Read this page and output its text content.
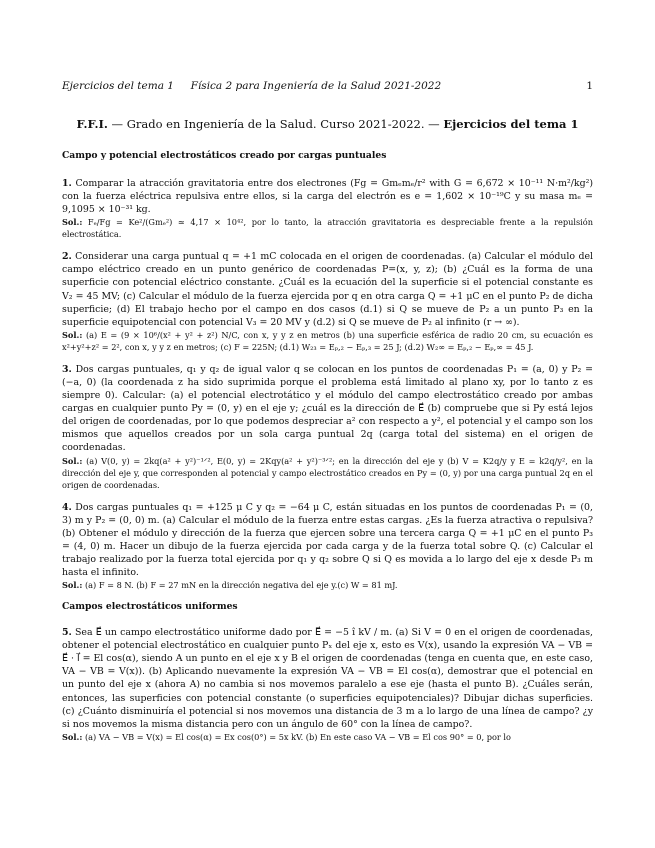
Ejercicios del tema 1     Física 2 para Ingeniería de la Salud 2021-2022	1
F.F.I. — Grado en Ingeniería de la Salud. Curso 2021-2022. — Ejercicios del tema 1
Campo y potencial electrostáticos creado por cargas puntuales
1. Comparar la atracción gravitatoria entre dos electrones (Fg = Gmₑmₑ/r² with G = 6,672 × 10⁻¹¹ N·m²/kg²) con la fuerza eléctrica repulsiva entre ellos, si la carga del electrón es e = 1,602 × 10⁻¹⁹C y su masa mₑ = 9,1095 × 10⁻³¹ kg.
Sol.: Fₑ/Fg = Ke²/(Gmₑ²) ≃ 4,17 × 10⁴², por lo tanto, la atracción gravitatoria es despreciable frente a la repulsión electrostática.
2. Considerar una carga puntual q = +1 mC colocada en el origen de coordenadas. (a) Calcular el módulo del campo eléctrico creado en un punto genérico de coordenadas P=(x, y, z); (b) ¿Cuál es la forma de una superficie con potencial eléctrico constante. ¿Cuál es la ecuación del la superficie si el potencial constante es V₂ = 45 MV; (c) Calcular el módulo de la fuerza ejercida por q en otra carga Q = +1 μC en el punto P₂ de dicha superficie; (d) El trabajo hecho por el campo en dos casos (d.1) si Q se mueve de P₂ a un punto P₃ en la superficie equipotencial con potencial V₃ = 20 MV y (d.2) si Q se mueve de P₂ al infinito (r → ∞).
Sol.: (a) E = (9 × 10⁶/(x² + y² + z²) N/C, con x, y y z en metros (b) una superficie esférica de radio 20 cm, su ecuación es x²+y²+z² = 2², con x, y y z en metros; (c) F = 225N; (d.1) W₂₃ = Eₚ,₂ − Eₚ,₃ = 25 J; (d.2) W₂∞ = Eₚ,₂ − Eₚ,∞ = 45 J.
3. Dos cargas puntuales, q₁ y q₂ de igual valor q se colocan en los puntos de coordenadas P₁ = (a, 0) y P₂ = (−a, 0) (la coordenada z ha sido suprimida porque el problema está limitado al plano xy, por lo tanto z es siempre 0). Calcular: (a) el potencial electrotático y el módulo del campo electrostático creado por ambas cargas en cualquier punto Py = (0, y) en el eje y; ¿cuál es la dirección de E⃗ (b) compruebe que si Py está lejos del origen de coordenadas, por lo que podemos despreciar a² con respecto a y², el potencial y el campo son los mismos que aquellos creados por un sola carga puntual 2q (carga total del sistema) en el origen de coordenadas.
Sol.: (a) V(0, y) = 2kq(a² + y²)⁻¹ᐟ², E(0, y) = 2Kqy(a² + y²)⁻³ᐟ²; en la dirección del eje y (b) V = K2q/y y E = k2q/y², en la dirección del eje y, que corresponden al potencial y campo electrostático creados en Py = (0, y) por una carga puntual 2q en el origen de coordenadas.
4. Dos cargas puntuales q₁ = +125 μ C y q₂ = −64 μ C, están situadas en los puntos de coordenadas P₁ = (0, 3) m y P₂ = (0, 0) m. (a) Calcular el módulo de la fuerza entre estas cargas. ¿Es la fuerza atractiva o repulsiva? (b) Obtener el módulo y dirección de la fuerza que ejercen sobre una tercera carga Q = +1 μC en el punto P₃ = (4, 0) m. Hacer un dibujo de la fuerza ejercida por cada carga y de la fuerza total sobre Q. (c) Calcular el trabajo realizado por la fuerza total ejercida por q₁ y q₂ sobre Q si Q es movida a lo largo del eje x desde P₃ m hasta el infinito.
Sol.: (a) F = 8 N. (b) F = 27 mN en la dirección negativa del eje y.(c) W = 81 mJ.
Campos electrostáticos uniformes
5. Sea E⃗ un campo electrostático uniforme dado por E⃗ = −5 î kV / m. (a) Si V = 0 en el origen de coordenadas, obtener el potencial electrostático en cualquier punto Pₓ del eje x, esto es V(x), usando la expresión VA − VB = E⃗ · l⃗ = El cos(α), siendo A un punto en el eje x y B el origen de coordenadas (tenga en cuenta que, en este caso, VA − VB = V(x)). (b) Aplicando nuevamente la expresión VA − VB = El cos(α), demostrar que el potencial en un punto del eje x (ahora A) no cambia si nos movemos paralelo a ese eje (hasta el punto B). ¿Cuáles serán, entonces, las superficies con potencial constante (o superficies equipotenciales)? Dibujar dichas superficies. (c) ¿Cuánto disminuiría el potencial si nos movemos una distancia de 3 m a lo largo de una línea de campo? ¿y si nos movemos la misma distancia pero con un ángulo de 60° con la línea de campo?.
Sol.: (a) VA − VB = V(x) = El cos(α) = Ex cos(0°) = 5x kV. (b) En este caso VA − VB = El cos 90° = 0, por lo
